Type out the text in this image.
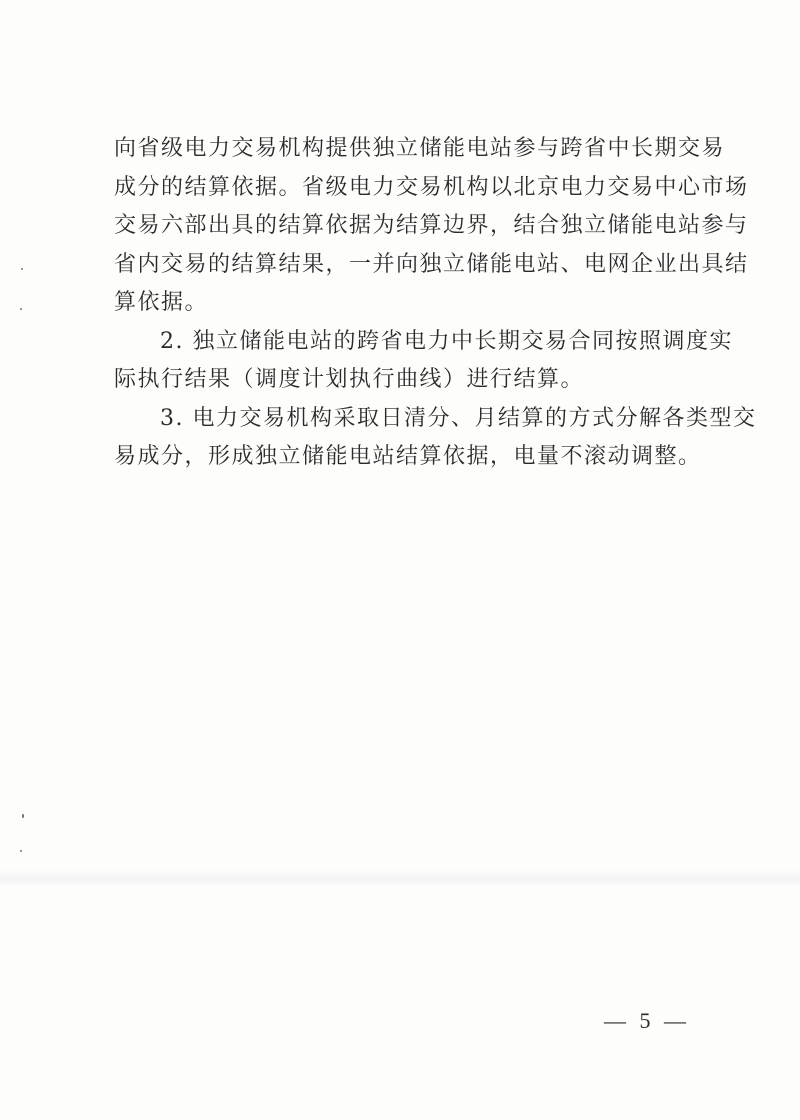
向省级电力交易机构提供独立储能电站参与跨省中长期交易
成分的结算依据。省级电力交易机构以北京电力交易中心市场
交易六部出具的结算依据为结算边界，结合独立储能电站参与
省内交易的结算结果，一并向独立储能电站、电网企业出具结
算依据。
2. 独立储能电站的跨省电力中长期交易合同按照调度实
际执行结果（调度计划执行曲线）进行结算。
3. 电力交易机构采取日清分、月结算的方式分解各类型交
易成分，形成独立储能电站结算依据，电量不滚动调整。
— 5 —
